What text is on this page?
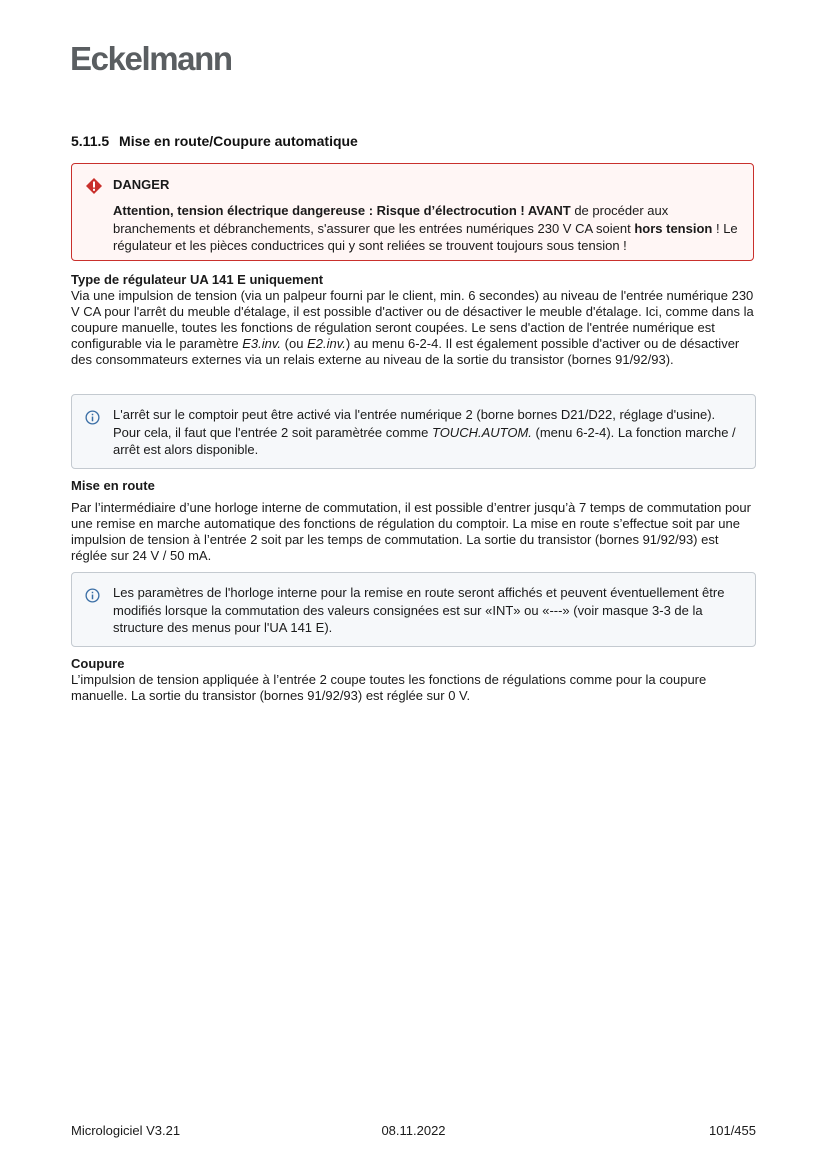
Eckelmann
5.11.5 Mise en route/Coupure automatique
DANGER
Attention, tension électrique dangereuse : Risque d’électrocution ! AVANT de procéder aux branchements et débranchements, s'assurer que les entrées numériques 230 V CA soient hors tension ! Le régulateur et les pièces conductrices qui y sont reliées se trouvent toujours sous tension !
Type de régulateur UA 141 E uniquement
Via une impulsion de tension (via un palpeur fourni par le client, min. 6 secondes) au niveau de l'entrée numérique 230 V CA pour l'arrêt du meuble d'étalage, il est possible d'activer ou de désactiver le meuble d'étalage. Ici, comme dans la coupure manuelle, toutes les fonctions de régulation seront coupées. Le sens d'action de l'entrée numérique est configurable via le paramètre E3.inv. (ou E2.inv.) au menu 6-2-4. Il est également possible d'activer ou de désactiver des consommateurs externes via un relais externe au niveau de la sortie du transistor (bornes 91/92/93).
L'arrêt sur le comptoir peut être activé via l'entrée numérique 2 (borne bornes D21/D22, réglage d'usine). Pour cela, il faut que l'entrée 2 soit paramètrée comme TOUCH.AUTOM. (menu 6-2-4). La fonction marche / arrêt est alors disponible.
Mise en route
Par l’intermédiaire d’une horloge interne de commutation, il est possible d’entrer jusqu’à 7 temps de commutation pour une remise en marche automatique des fonctions de régulation du comptoir. La mise en route s’effectue soit par une impulsion de tension à l’entrée 2 soit par les temps de commutation. La sortie du transistor (bornes 91/92/93) est réglée sur 24 V / 50 mA.
Les paramètres de l'horloge interne pour la remise en route seront affichés et peuvent éventuellement être modifiés lorsque la commutation des valeurs consignées est sur «INT» ou «---» (voir masque 3-3 de la structure des menus pour l'UA 141 E).
Coupure
L’impulsion de tension appliquée à l’entrée 2 coupe toutes les fonctions de régulations comme pour la coupure manuelle. La sortie du transistor (bornes 91/92/93) est réglée sur 0 V.
Micrologiciel V3.21	08.11.2022	101/455
